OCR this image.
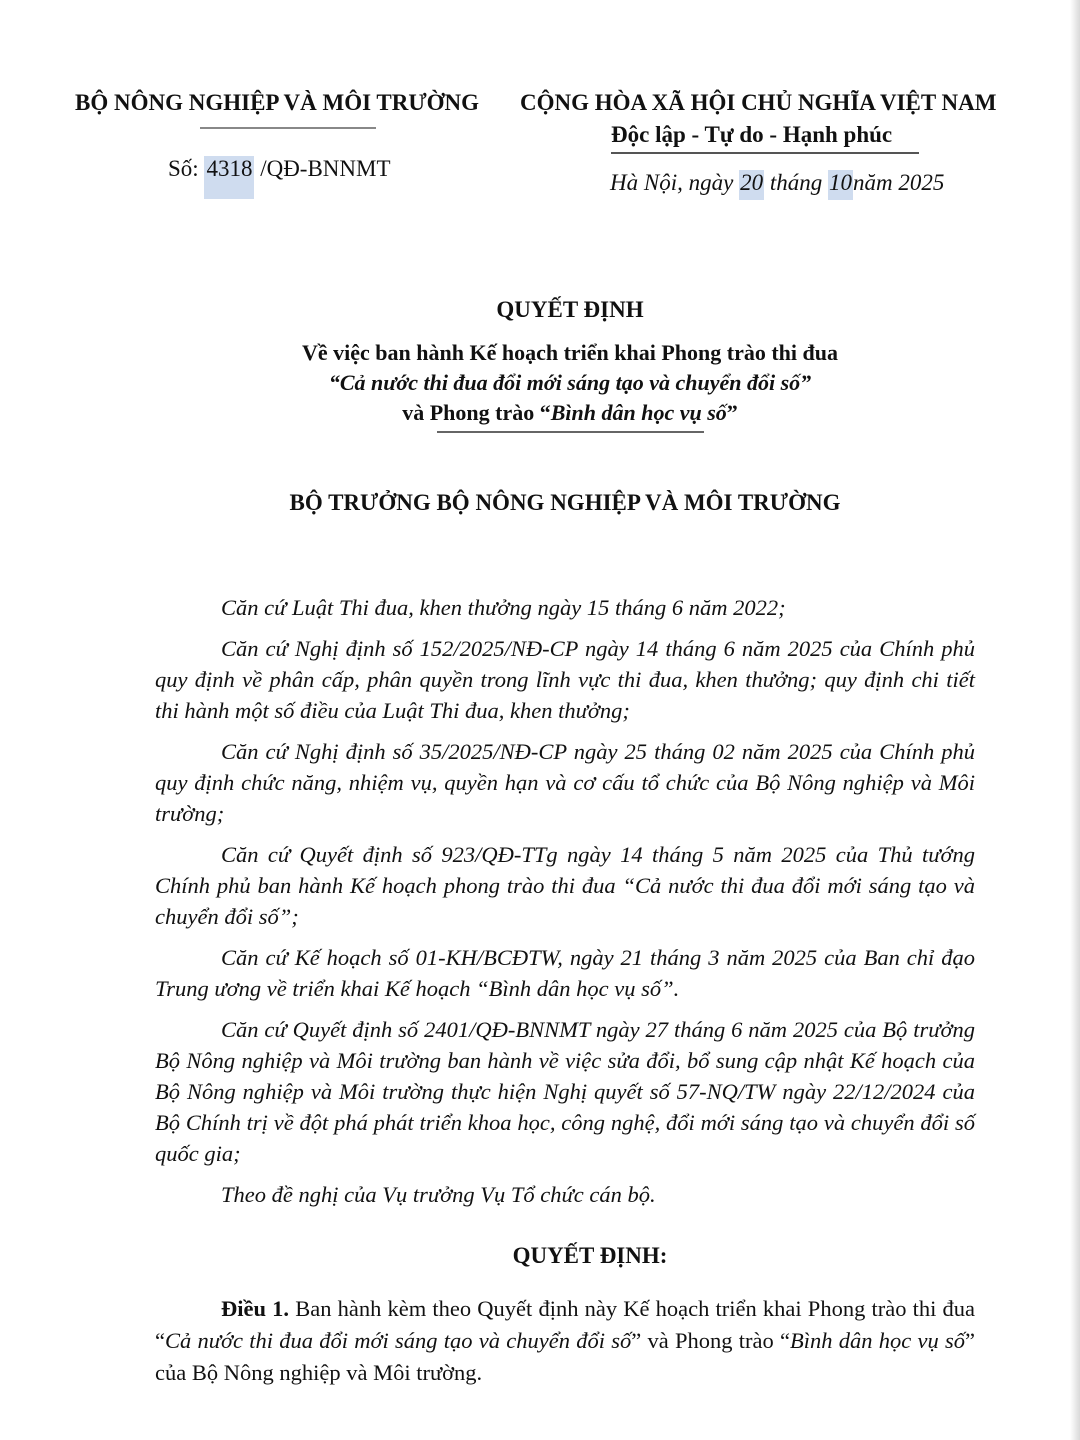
BỘ NÔNG NGHIỆP VÀ MÔI TRƯỜNG CỘNG HÒA XÃ HỘI CHỦ NGHĨA VIỆT NAM
Độc lập - Tự do - Hạnh phúc
Số: 4318 /QĐ-BNNMT
Hà Nội, ngày 20 tháng 10năm 2025
QUYẾT ĐỊNH
Về việc ban hành Kế hoạch triển khai Phong trào thi đua
“Cả nước thi đua đổi mới sáng tạo và chuyển đổi số”
và Phong trào “Bình dân học vụ số”
BỘ TRƯỞNG BỘ NÔNG NGHIỆP VÀ MÔI TRƯỜNG

Căn cứ Luật Thi đua, khen thưởng ngày 15 tháng 6 năm 2022;

Căn cứ Nghị định số 152/2025/NĐ-CP ngày 14 tháng 6 năm 2025 của Chính phủ quy định về phân cấp, phân quyền trong lĩnh vực thi đua, khen thưởng; quy định chi tiết thi hành một số điều của Luật Thi đua, khen thưởng;

Căn cứ Nghị định số 35/2025/NĐ-CP ngày 25 tháng 02 năm 2025 của Chính phủ quy định chức năng, nhiệm vụ, quyền hạn và cơ cấu tổ chức của Bộ Nông nghiệp và Môi trường;

Căn cứ Quyết định số 923/QĐ-TTg ngày 14 tháng 5 năm 2025 của Thủ tướng Chính phủ ban hành Kế hoạch phong trào thi đua “Cả nước thi đua đổi mới sáng tạo và chuyển đổi số”;

Căn cứ Kế hoạch số 01-KH/BCĐTW, ngày 21 tháng 3 năm 2025 của Ban chỉ đạo Trung ương về triển khai Kế hoạch “Bình dân học vụ số”.

Căn cứ Quyết định số 2401/QĐ-BNNMT ngày 27 tháng 6 năm 2025 của Bộ trưởng Bộ Nông nghiệp và Môi trường ban hành về việc sửa đổi, bổ sung cập nhật Kế hoạch của Bộ Nông nghiệp và Môi trường thực hiện Nghị quyết số 57-NQ/TW ngày 22/12/2024 của Bộ Chính trị về đột phá phát triển khoa học, công nghệ, đổi mới sáng tạo và chuyển đổi số quốc gia;

Theo đề nghị của Vụ trưởng Vụ Tổ chức cán bộ.

QUYẾT ĐỊNH:

Điều 1. Ban hành kèm theo Quyết định này Kế hoạch triển khai Phong trào thi đua “Cả nước thi đua đổi mới sáng tạo và chuyển đổi số” và Phong trào “Bình dân học vụ số” của Bộ Nông nghiệp và Môi trường.
